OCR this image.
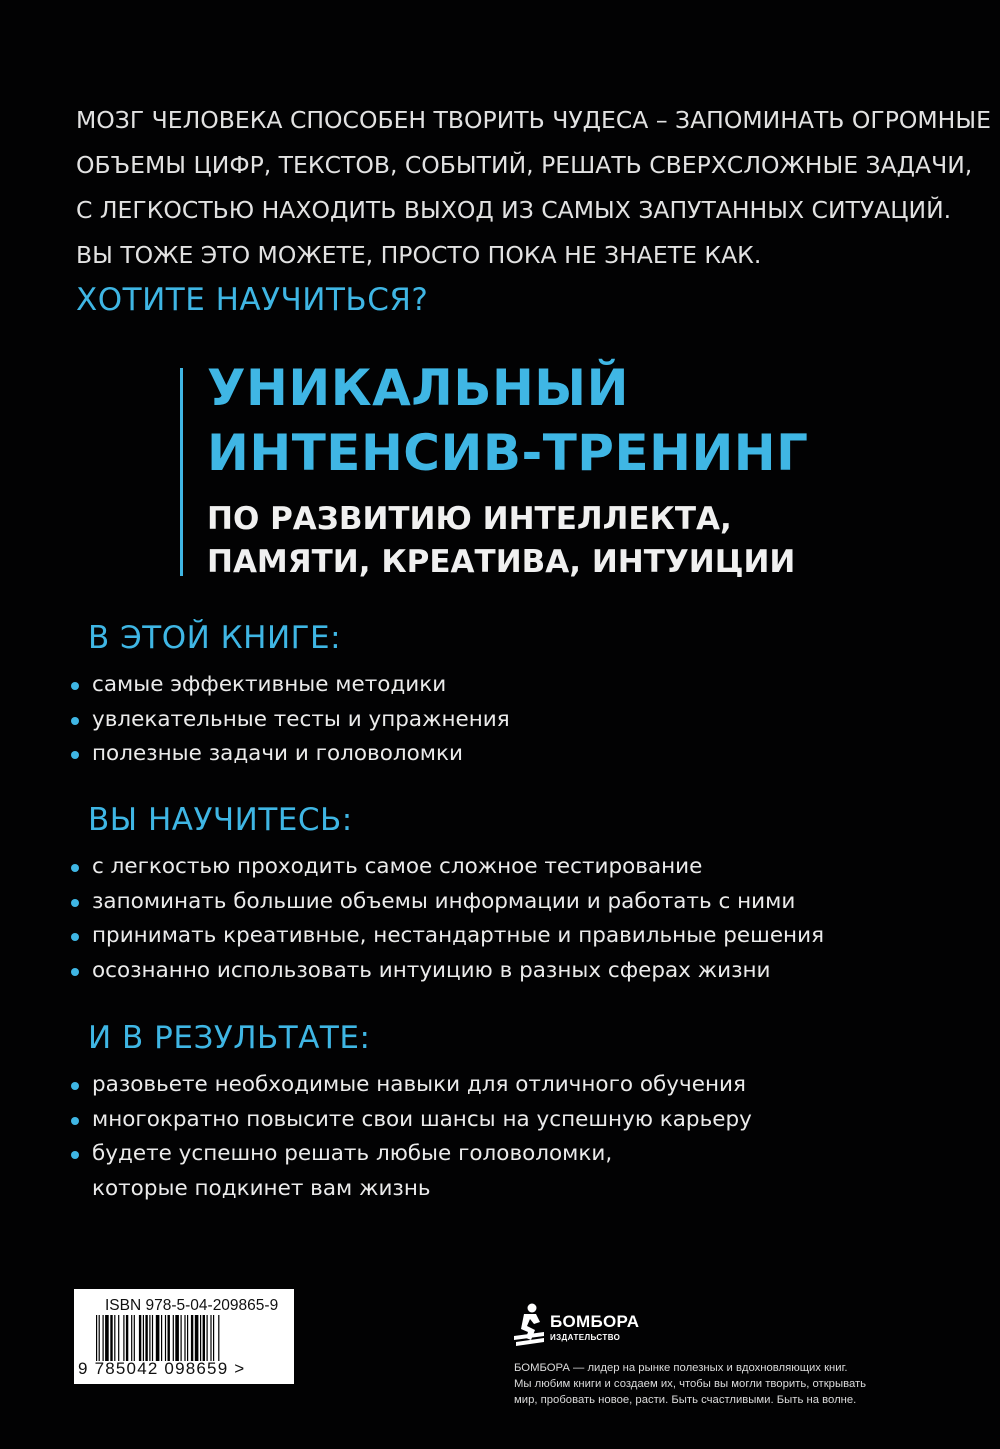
МОЗГ ЧЕЛОВЕКА СПОСОБЕН ТВОРИТЬ ЧУДЕСА – ЗАПОМИНАТЬ ОГРОМНЫЕ

ОБЪЕМЫ ЦИФР, ТЕКСТОВ, СОБЫТИЙ, РЕШАТЬ СВЕРХСЛОЖНЫЕ ЗАДАЧИ,

С ЛЕГКОСТЬЮ НАХОДИТЬ ВЫХОД ИЗ САМЫХ ЗАПУТАННЫХ СИТУАЦИЙ.

ВЫ ТОЖЕ ЭТО МОЖЕТЕ, ПРОСТО ПОКА НЕ ЗНАЕТЕ КАК.

ХОТИТЕ НАУЧИТЬСЯ?
УНИКАЛЬНЫЙ
ИНТЕНСИВ-ТРЕНИНГ
ПО РАЗВИТИЮ ИНТЕЛЛЕКТА,
ПАМЯТИ, КРЕАТИВА, ИНТУИЦИИ
В ЭТОЙ КНИГЕ:
самые эффективные методики
увлекательные тесты и упражнения
полезные задачи и головоломки
ВЫ НАУЧИТЕСЬ:
с легкостью проходить самое сложное тестирование
запоминать большие объемы информации и работать с ними
принимать креативные, нестандартные и правильные решения
осознанно использовать интуицию в разных сферах жизни
И В РЕЗУЛЬТАТЕ:
разовьете необходимые навыки для отличного обучения
многократно повысите свои шансы на успешную карьеру
будете успешно решать любые головоломки,
которые подкинет вам жизнь
ISBN 978-5-04-209865-9
9 785042 098659 >
БОМБОРА
ИЗДАТЕЛЬСТВО
БОМБОРА — лидер на рынке полезных и вдохновляющих книг.
Мы любим книги и создаем их, чтобы вы могли творить, открывать
мир, пробовать новое, расти. Быть счастливыми. Быть на волне.
